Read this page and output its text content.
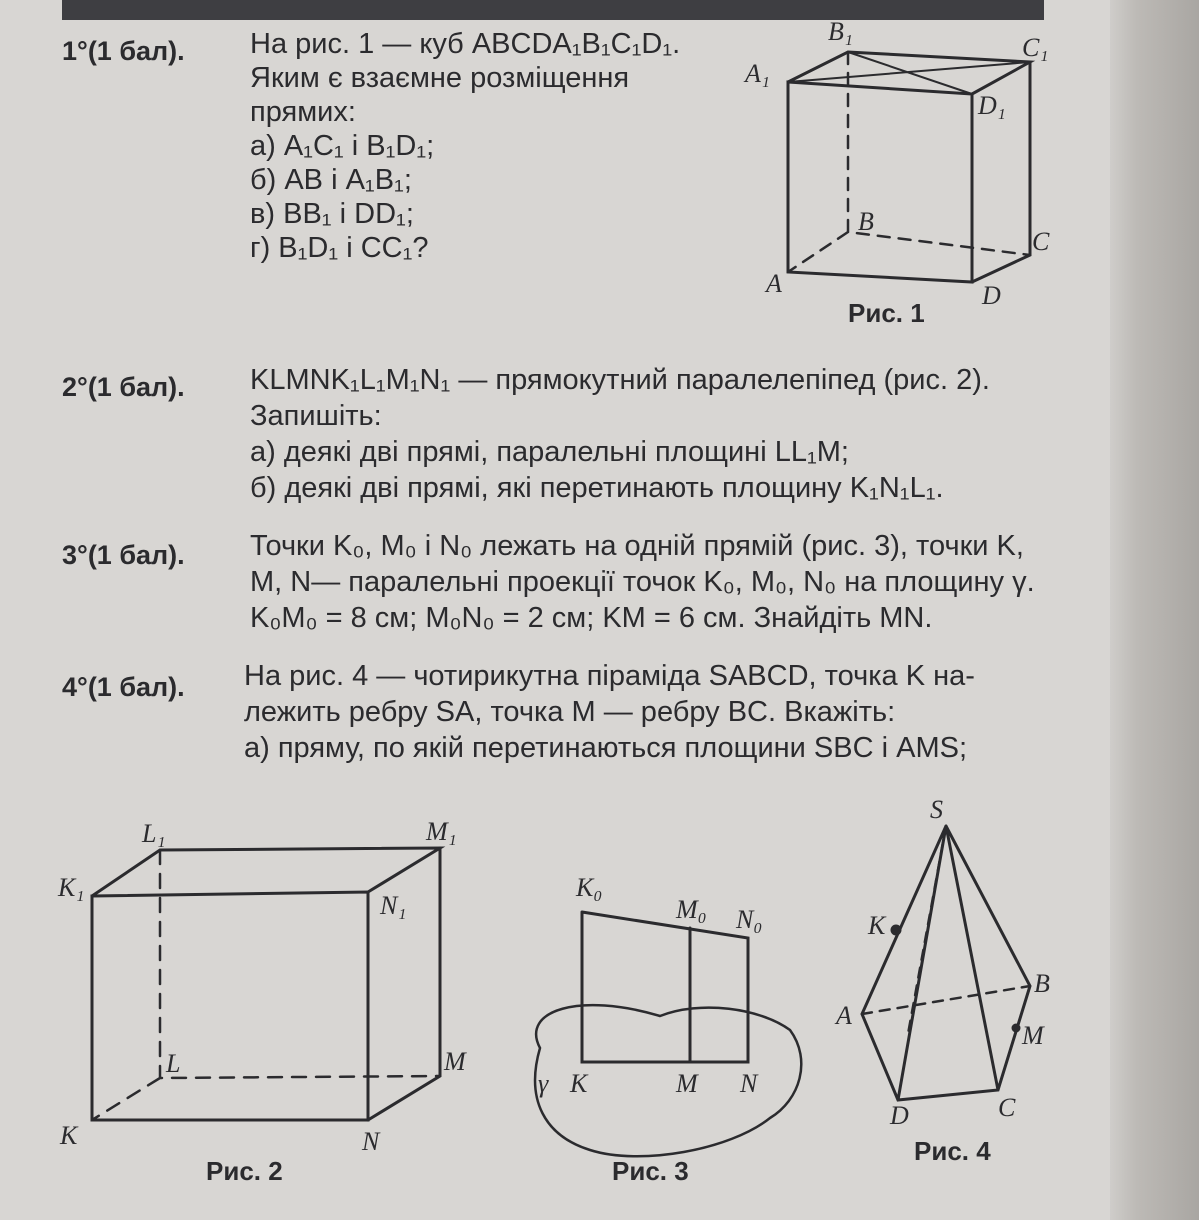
1°(1 бал). На рис. 1 — куб ABCDA₁B₁C₁D₁.
Яким є взаємне розміщення
прямих:
а) A₁C₁ і B₁D₁;
б) AB і A₁B₁;
в) BB₁ і DD₁;
г) B₁D₁ і CC₁?
2°(1 бал). KLMNK₁L₁M₁N₁ — прямокутний паралелепіпед (рис. 2).
Запишіть:
а) деякі дві прямі, паралельні площині LL₁M;
б) деякі дві прямі, які перетинають площину K₁N₁L₁.
3°(1 бал). Точки K₀, M₀ і N₀ лежать на одній прямій (рис. 3), точки K,
M, N— паралельні проекції точок K₀, M₀, N₀ на площину γ.
K₀M₀ = 8 см; M₀N₀ = 2 см; KM = 6 см. Знайдіть MN.
4°(1 бал). На рис. 4 — чотирикутна піраміда SABCD, точка K на-
лежить ребру SA, точка M — ребру BC. Вкажіть:
а) пряму, по якій перетинаються площини SBC і AMS;
B₁
C₁
A₁
D₁
B
C
A	D
L₁	M₁
K₁
N₁
L	M
K	N
K₀
M₀ N₀
γ K	M N
S
K
A
B
M
C
D
Рис. 1
Рис. 2	Рис. 3
Рис. 4
